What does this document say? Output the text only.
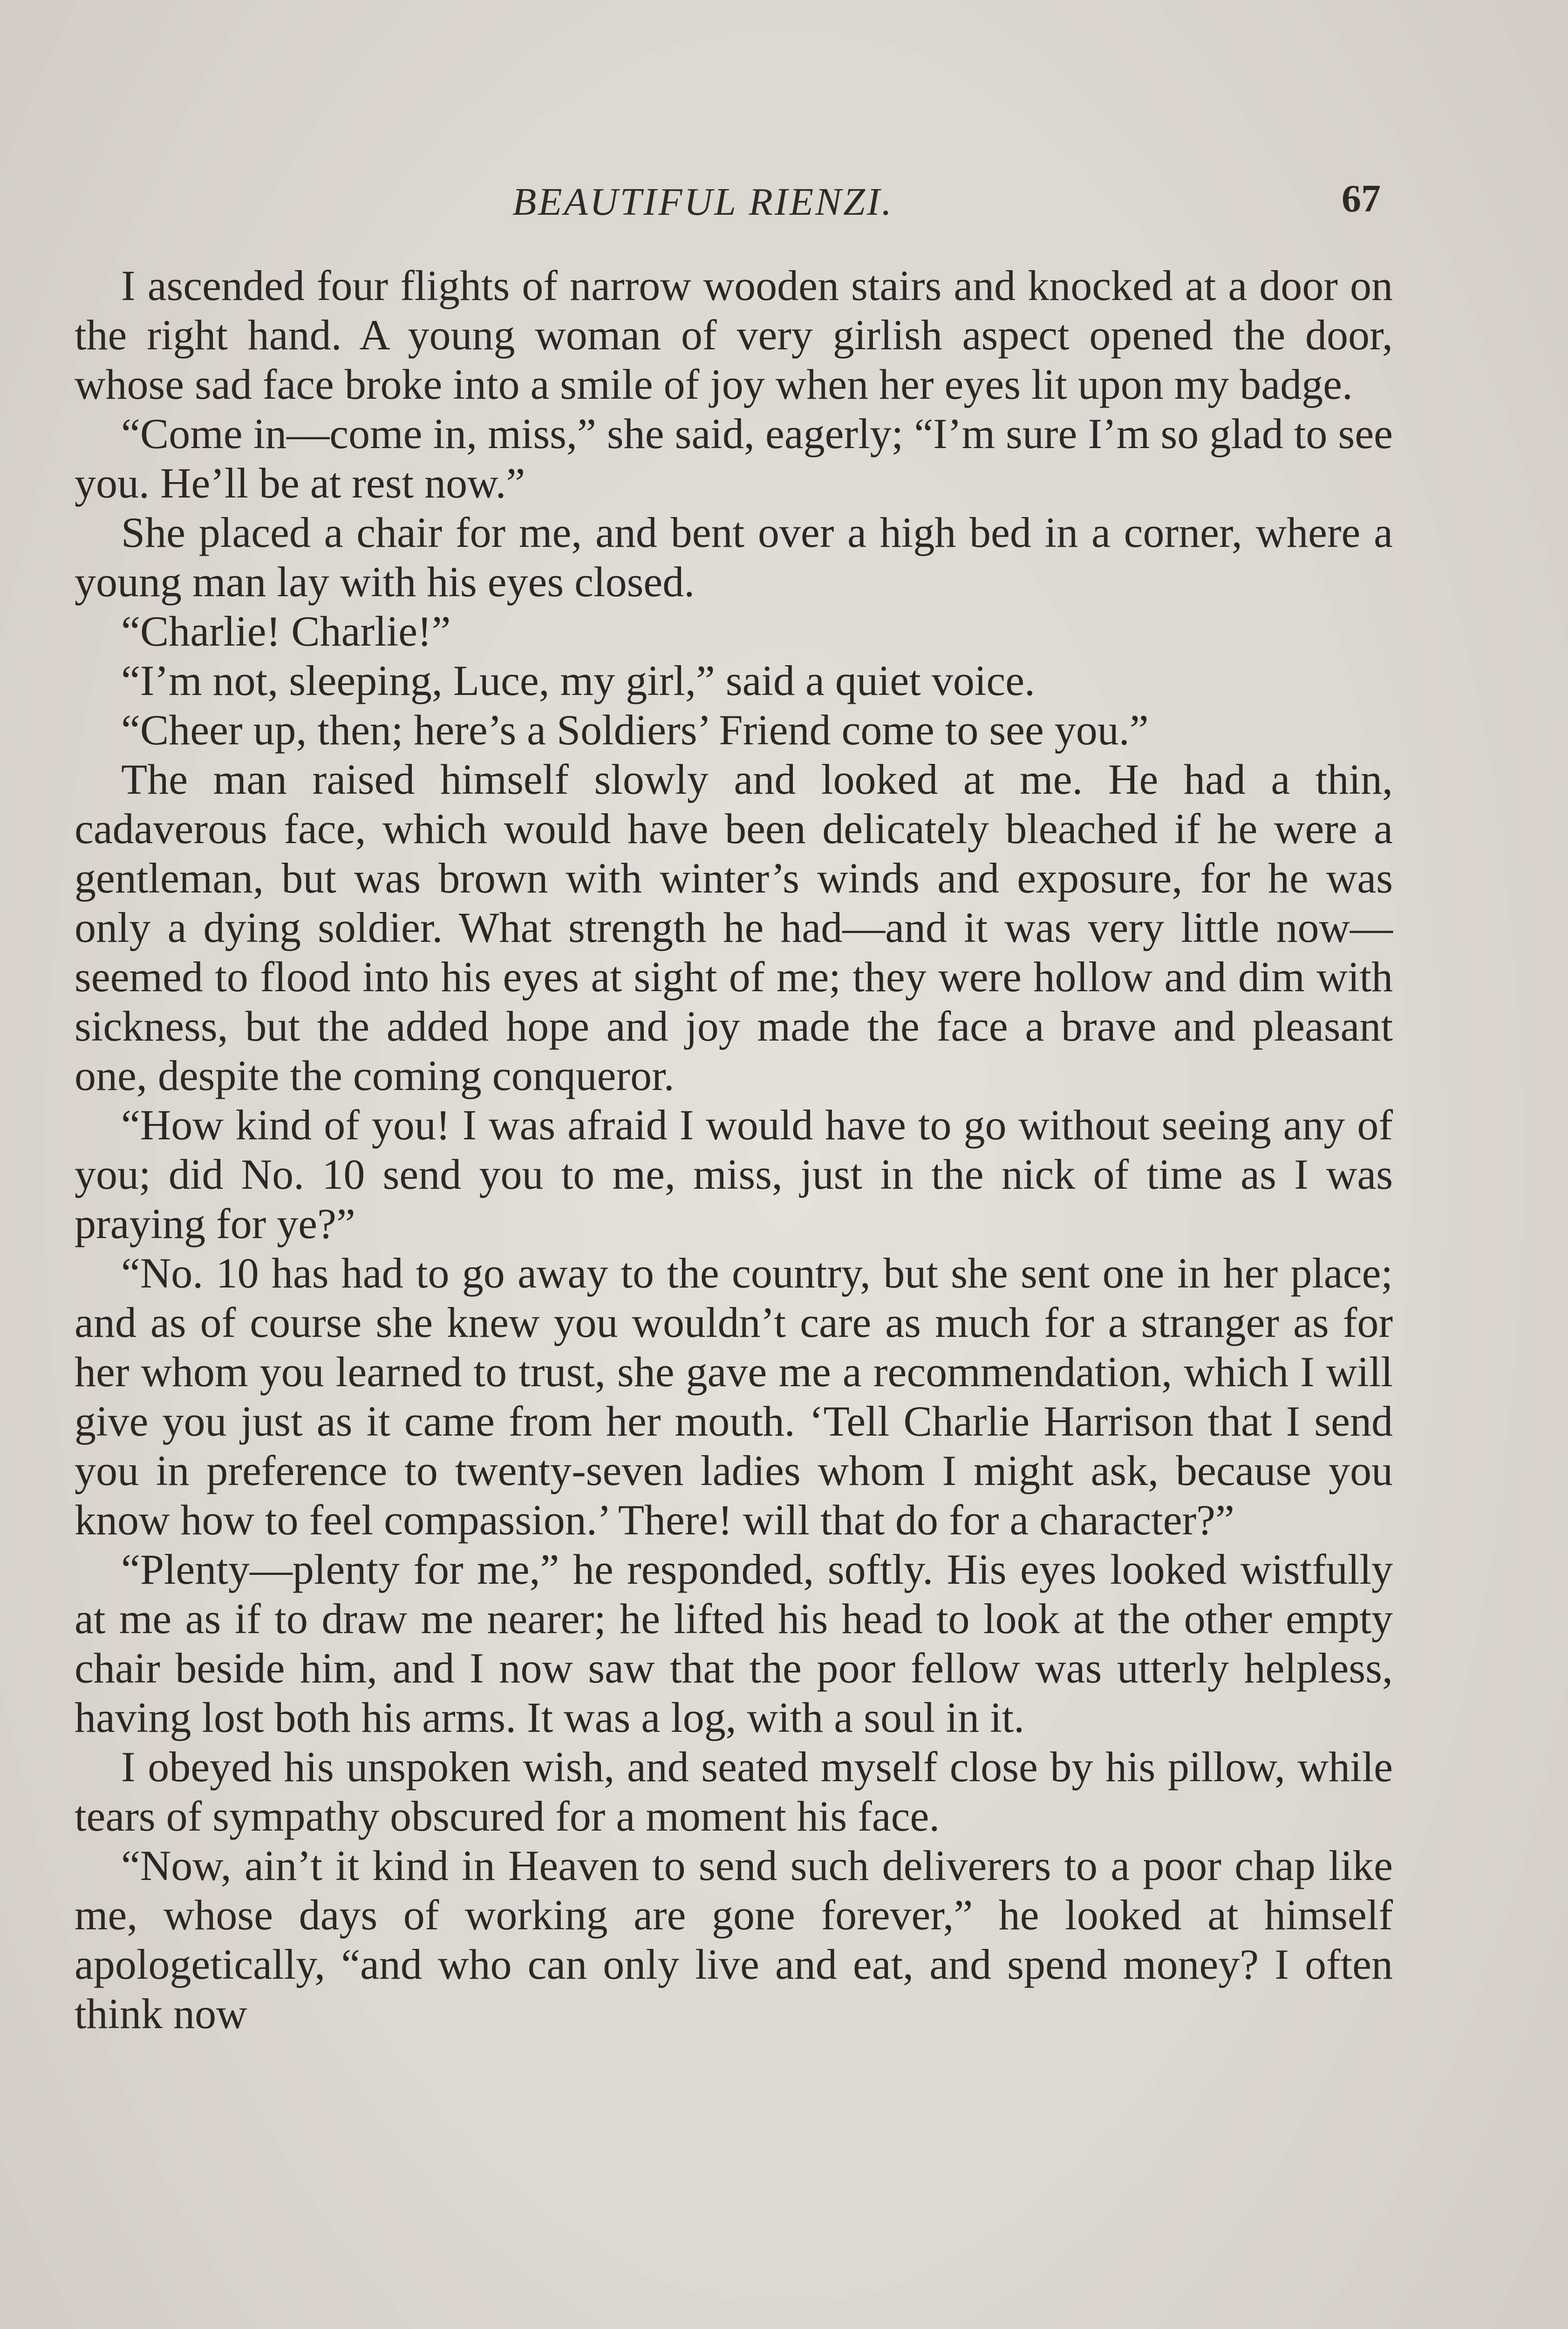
BEAUTIFUL RIENZI.	67

I ascended four flights of narrow wooden stairs and knocked at a door on the right hand. A young woman of very girlish aspect opened the door, whose sad face broke into a smile of joy when her eyes lit upon my badge.

“Come in—come in, miss,” she said, eagerly; “I’m sure I’m so glad to see you. He’ll be at rest now.”

She placed a chair for me, and bent over a high bed in a corner, where a young man lay with his eyes closed.

“Charlie! Charlie!”

“I’m not, sleeping, Luce, my girl,” said a quiet voice.

“Cheer up, then; here’s a Soldiers’ Friend come to see you.”

The man raised himself slowly and looked at me. He had a thin, cadaverous face, which would have been delicately bleached if he were a gentleman, but was brown with winter’s winds and exposure, for he was only a dying soldier. What strength he had—and it was very little now—seemed to flood into his eyes at sight of me; they were hollow and dim with sickness, but the added hope and joy made the face a brave and pleasant one, despite the coming conqueror.

“How kind of you! I was afraid I would have to go without seeing any of you; did No. 10 send you to me, miss, just in the nick of time as I was praying for ye?”

“No. 10 has had to go away to the country, but she sent one in her place; and as of course she knew you wouldn’t care as much for a stranger as for her whom you learned to trust, she gave me a recommendation, which I will give you just as it came from her mouth. ‘Tell Charlie Harrison that I send you in preference to twenty-seven ladies whom I might ask, because you know how to feel compassion.’ There! will that do for a character?”

“Plenty—plenty for me,” he responded, softly. His eyes looked wistfully at me as if to draw me nearer; he lifted his head to look at the other empty chair beside him, and I now saw that the poor fellow was utterly helpless, having lost both his arms. It was a log, with a soul in it.

I obeyed his unspoken wish, and seated myself close by his pillow, while tears of sympathy obscured for a moment his face.

“Now, ain’t it kind in Heaven to send such deliverers to a poor chap like me, whose days of working are gone forever,” he looked at himself apologetically, “and who can only live and eat, and spend money? I often think now
